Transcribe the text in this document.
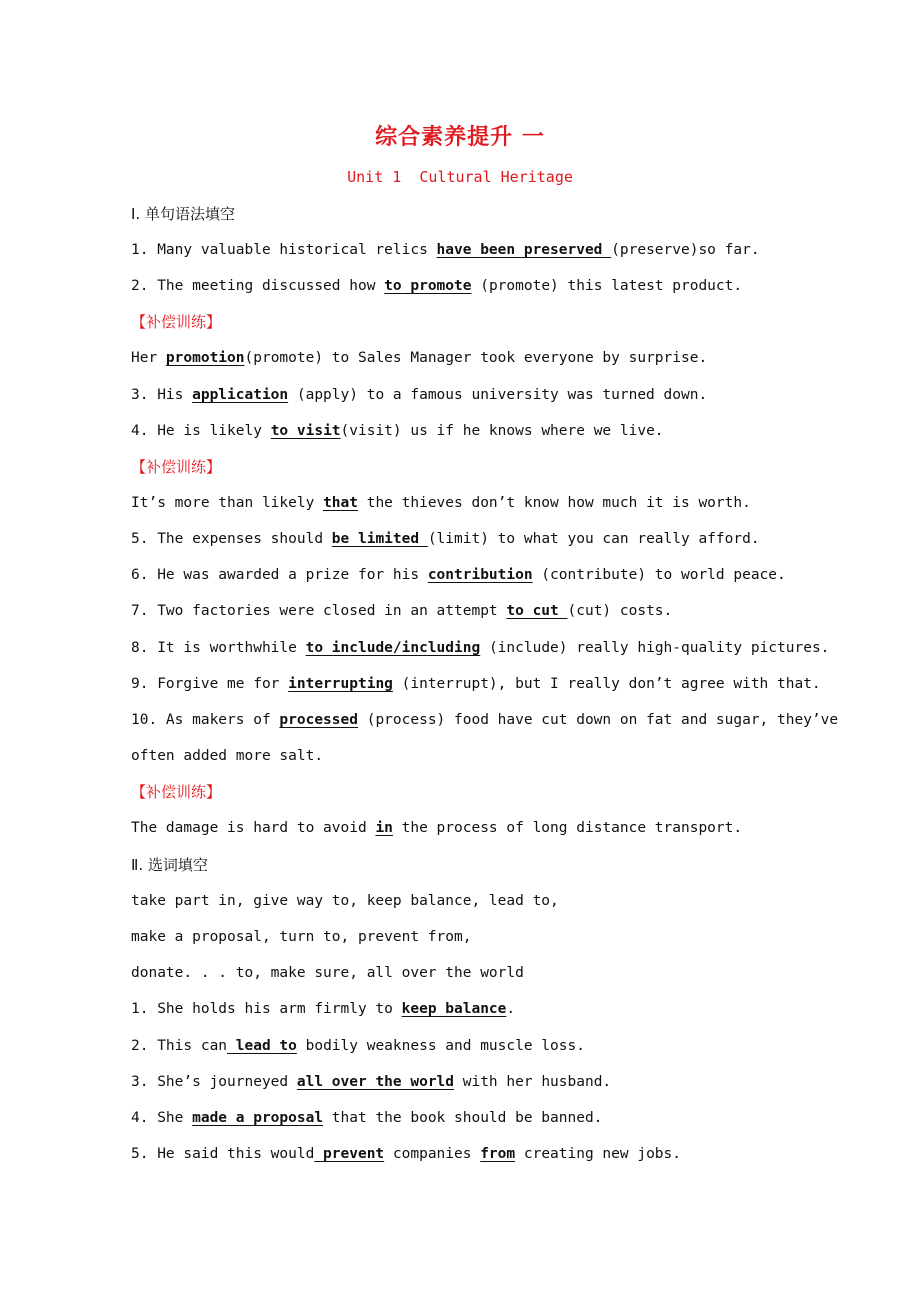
综合素养提升 一
Unit 1  Cultural Heritage
Ⅰ. 单句语法填空
1. Many valuable historical relics have been preserved (preserve)so far.
2. The meeting discussed how to promote (promote) this latest product.
【补偿训练】
Her promotion(promote) to Sales Manager took everyone by surprise.
3. His application (apply) to a famous university was turned down.
4. He is likely to visit(visit) us if he knows where we live.
【补偿训练】
It’s more than likely that the thieves don’t know how much it is worth.
5. The expenses should be limited (limit) to what you can really afford.
6. He was awarded a prize for his contribution (contribute) to world peace.
7. Two factories were closed in an attempt to cut (cut) costs.
8. It is worthwhile to include/including (include) really high-quality pictures.
9. Forgive me for interrupting (interrupt), but I really don’t agree with that.
10. As makers of processed (process) food have cut down on fat and sugar, they’ve
often added more salt.
【补偿训练】
The damage is hard to avoid in the process of long distance transport.
Ⅱ. 选词填空
take part in, give way to, keep balance, lead to,
make a proposal, turn to, prevent from,
donate. . . to, make sure, all over the world
1. She holds his arm firmly to keep balance.
2. This can lead to bodily weakness and muscle loss.
3. She’s journeyed all over the world with her husband.
4. She made a proposal that the book should be banned.
5. He said this would prevent companies from creating new jobs.
